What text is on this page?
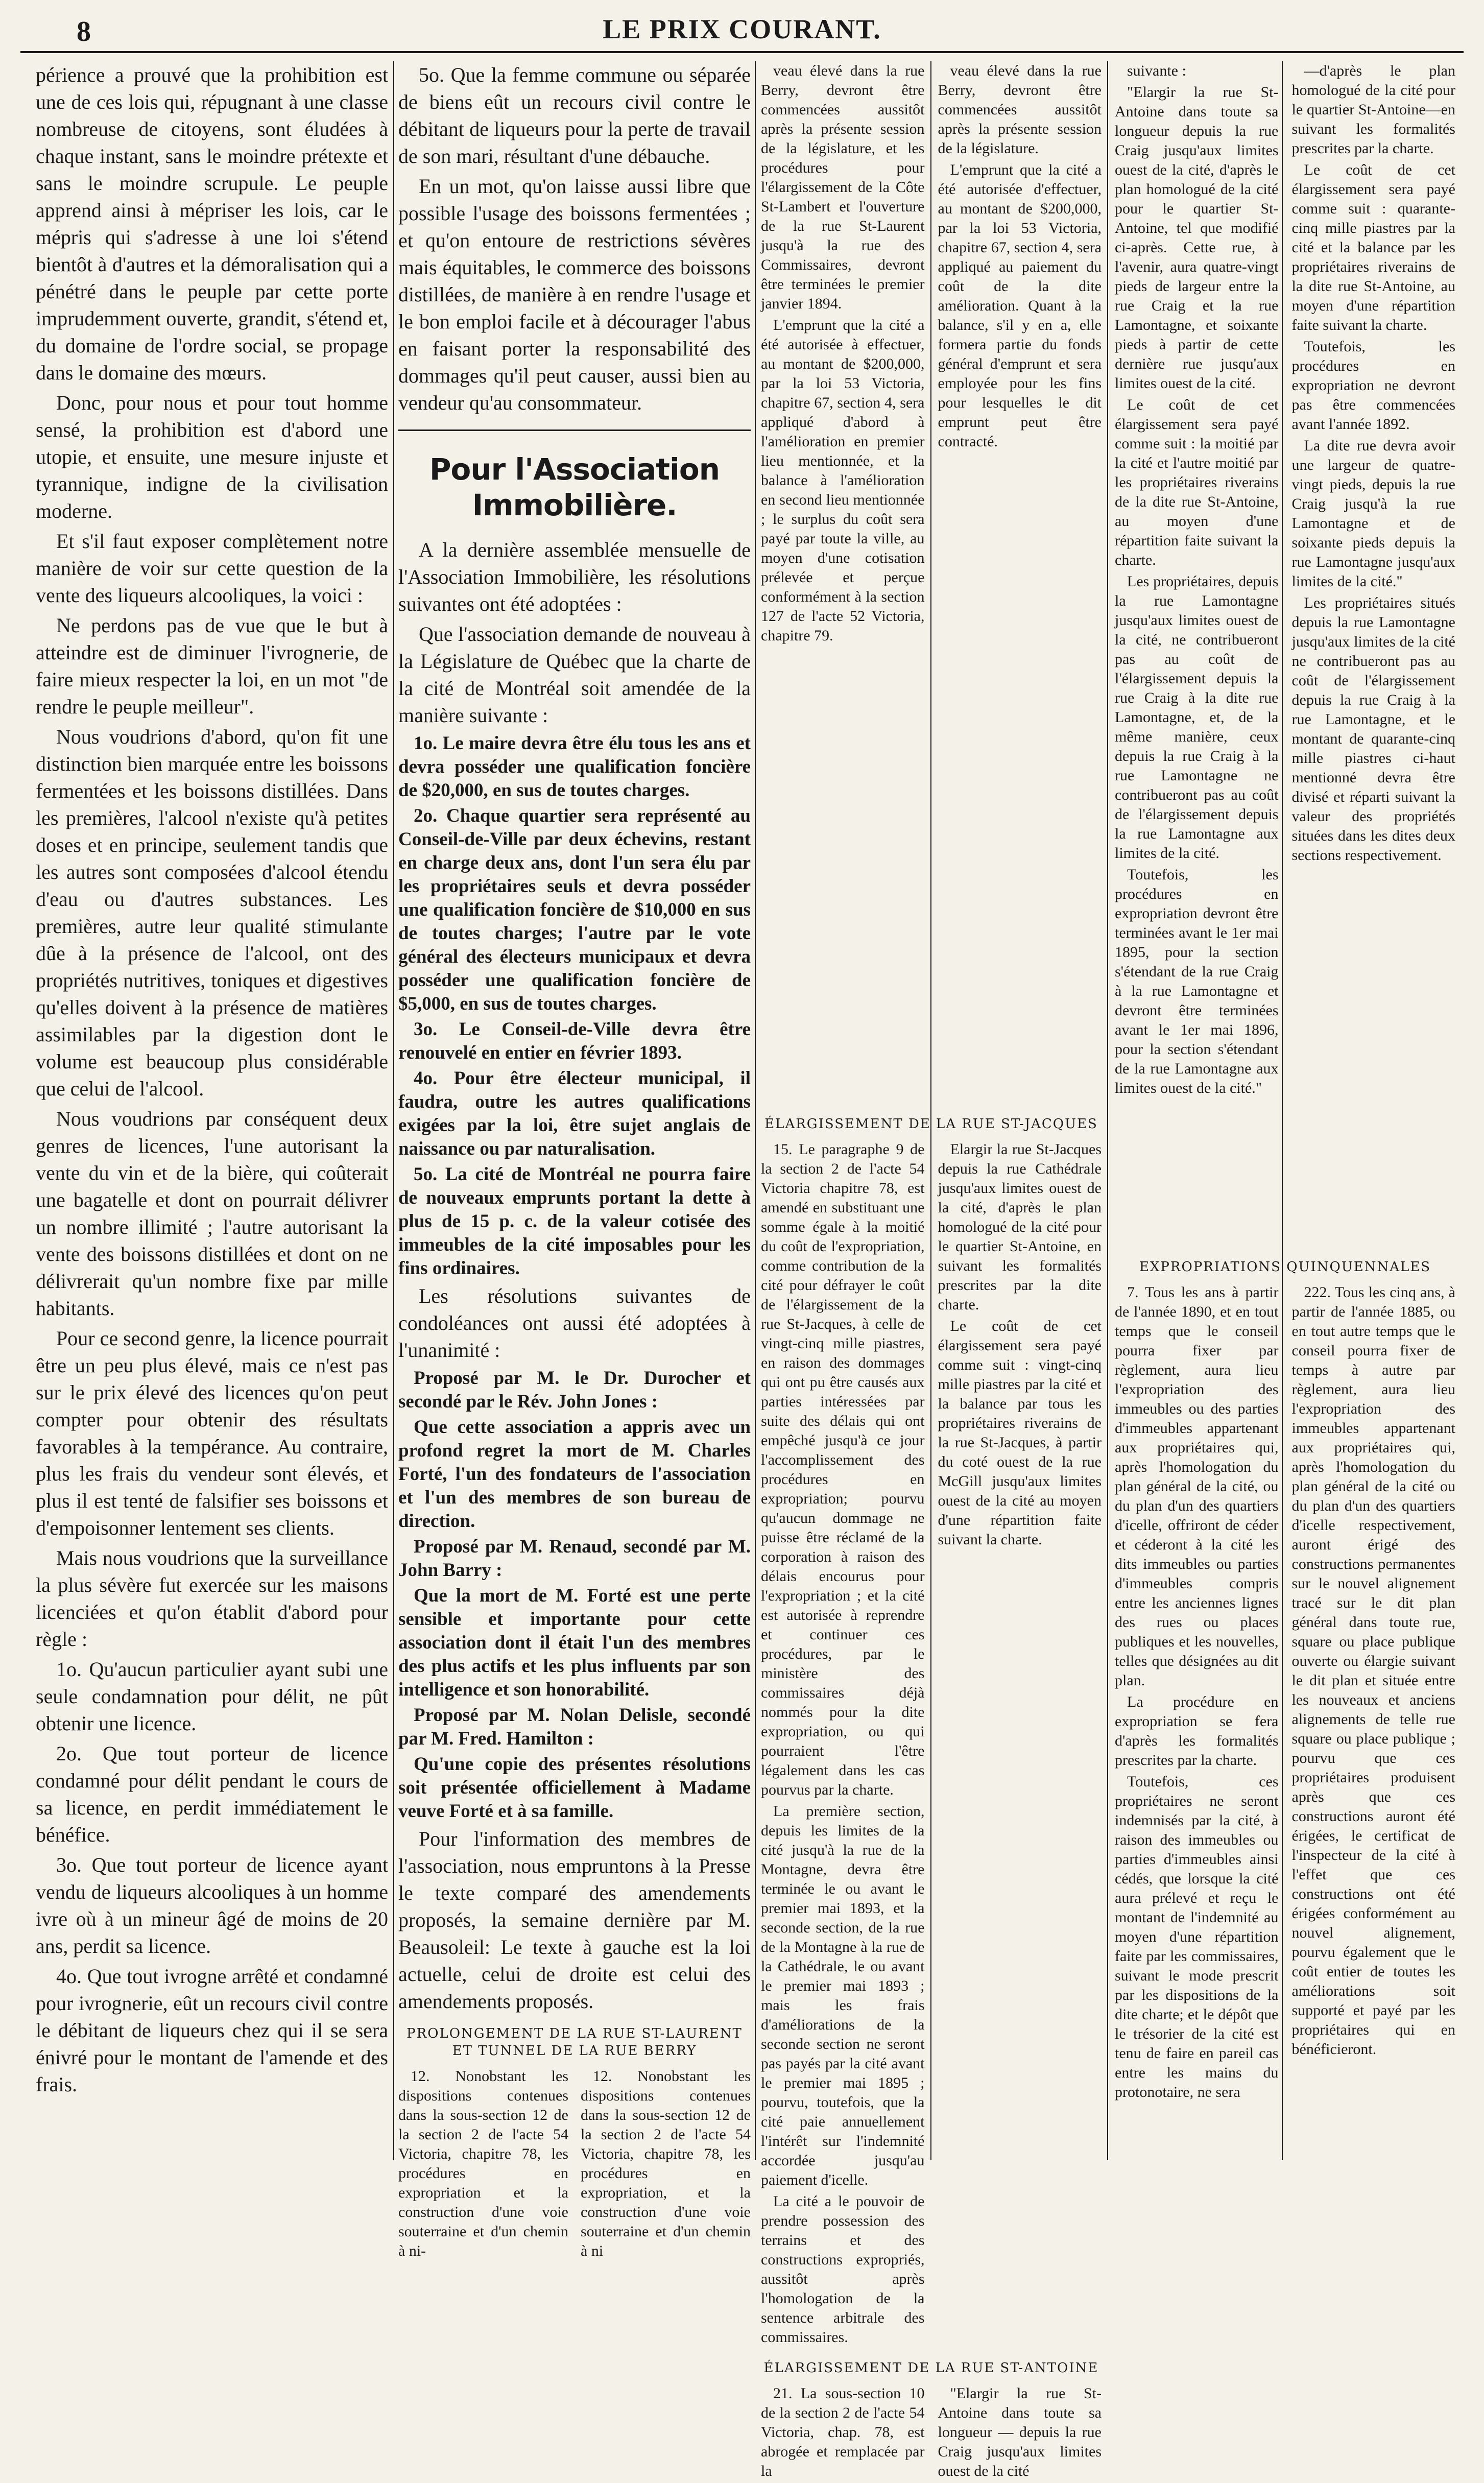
8	LE PRIX COURANT.

périence a prouvé que la prohibition est une de ces lois qui, répugnant à une classe nombreuse de citoyens, sont éludées à chaque instant, sans le moindre prétexte et sans le moindre scrupule. Le peuple apprend ainsi à mépriser les lois, car le mépris qui s'adresse à une loi s'étend bientôt à d'autres et la démoralisation qui a pénétré dans le peuple par cette porte imprudemment ouverte, grandit, s'étend et, du domaine de l'ordre social, se propage dans le domaine des mœurs.

Donc, pour nous et pour tout homme sensé, la prohibition est d'abord une utopie, et ensuite, une mesure injuste et tyrannique, indigne de la civilisation moderne.

Et s'il faut exposer complètement notre manière de voir sur cette question de la vente des liqueurs alcooliques, la voici :

Ne perdons pas de vue que le but à atteindre est de diminuer l'ivrognerie, de faire mieux respecter la loi, en un mot "de rendre le peuple meilleur".

Nous voudrions d'abord, qu'on fit une distinction bien marquée entre les boissons fermentées et les boissons distillées. Dans les premières, l'alcool n'existe qu'à petites doses et en principe, seulement tandis que les autres sont composées d'alcool étendu d'eau ou d'autres substances. Les premières, autre leur qualité stimulante dûe à la présence de l'alcool, ont des propriétés nutritives, toniques et digestives qu'elles doivent à la présence de matières assimilables par la digestion dont le volume est beaucoup plus considérable que celui de l'alcool.

Nous voudrions par conséquent deux genres de licences, l'une autorisant la vente du vin et de la bière, qui coûterait une bagatelle et dont on pourrait délivrer un nombre illimité ; l'autre autorisant la vente des boissons distillées et dont on ne délivrerait qu'un nombre fixe par mille habitants.

Pour ce second genre, la licence pourrait être un peu plus élevé, mais ce n'est pas sur le prix élevé des licences qu'on peut compter pour obtenir des résultats favorables à la tempérance. Au contraire, plus les frais du vendeur sont élevés, et plus il est tenté de falsifier ses boissons et d'empoisonner lentement ses clients.

Mais nous voudrions que la surveillance la plus sévère fut exercée sur les maisons licenciées et qu'on établit d'abord pour règle :

1o. Qu'aucun particulier ayant subi une seule condamnation pour délit, ne pût obtenir une licence.

2o. Que tout porteur de licence condamné pour délit pendant le cours de sa licence, en perdit immédiatement le bénéfice.

3o. Que tout porteur de licence ayant vendu de liqueurs alcooliques à un homme ivre où à un mineur âgé de moins de 20 ans, perdit sa licence.

4o. Que tout ivrogne arrêté et condamné pour ivrognerie, eût un recours civil contre le débitant de liqueurs chez qui il se sera énivré pour le montant de l'amende et des frais.

5o. Que la femme commune ou séparée de biens eût un recours civil contre le débitant de liqueurs pour la perte de travail de son mari, résultant d'une débauche.

En un mot, qu'on laisse aussi libre que possible l'usage des boissons fermentées ; et qu'on entoure de restrictions sévères mais équitables, le commerce des boissons distillées, de manière à en rendre l'usage et le bon emploi facile et à décourager l'abus en faisant porter la responsabilité des dommages qu'il peut causer, aussi bien au vendeur qu'au consommateur.

Pour l'Association Immobilière.

A la dernière assemblée mensuelle de l'Association Immobilière, les résolutions suivantes ont été adoptées :

Que l'association demande de nouveau à la Législature de Québec que la charte de la cité de Montréal soit amendée de la manière suivante :

1o. Le maire devra être élu tous les ans et devra posséder une qualification foncière de $20,000, en sus de toutes charges.

2o. Chaque quartier sera représenté au Conseil-de-Ville par deux échevins, restant en charge deux ans, dont l'un sera élu par les propriétaires seuls et devra posséder une qualification foncière de $10,000 en sus de toutes charges; l'autre par le vote général des électeurs municipaux et devra posséder une qualification foncière de $5,000, en sus de toutes charges.

3o. Le Conseil-de-Ville devra être renouvelé en entier en février 1893.

4o. Pour être électeur municipal, il faudra, outre les autres qualifications exigées par la loi, être sujet anglais de naissance ou par naturalisation.

5o. La cité de Montréal ne pourra faire de nouveaux emprunts portant la dette à plus de 15 p. c. de la valeur cotisée des immeubles de la cité imposables pour les fins ordinaires.

Les résolutions suivantes de condoléances ont aussi été adoptées à l'unanimité :

Proposé par M. le Dr. Durocher et secondé par le Rév. John Jones :

Que cette association a appris avec un profond regret la mort de M. Charles Forté, l'un des fondateurs de l'association et l'un des membres de son bureau de direction.

Proposé par M. Renaud, secondé par M. John Barry :

Que la mort de M. Forté est une perte sensible et importante pour cette association dont il était l'un des membres des plus actifs et les plus influents par son intelligence et son honorabilité.

Proposé par M. Nolan Delisle, secondé par M. Fred. Hamilton :

Qu'une copie des présentes résolutions soit présentée officiellement à Madame veuve Forté et à sa famille.

Pour l'information des membres de l'association, nous empruntons à la Presse le texte comparé des amendements proposés, la semaine dernière par M. Beausoleil: Le texte à gauche est la loi actuelle, celui de droite est celui des amendements proposés.

PROLONGEMENT DE LA RUE ST-LAURENT ET TUNNEL DE LA RUE BERRY

12. Nonobstant les dispositions contenues dans la sous-section 12 de la section 2 de l'acte 54 Victoria, chapitre 78, les procédures en expropriation et la construction d'une voie souterraine et d'un chemin à ni-

12. Nonobstant les dispositions contenues dans la sous-section 12 de la section 2 de l'acte 54 Victoria, chapitre 78, les procédures en expropriation, et la construction d'une voie souterraine et d'un chemin à ni

veau élevé dans la rue Berry, devront être commencées aussitôt après la présente session de la législature, et les procédures pour l'élargissement de la Côte St-Lambert et l'ouverture de la rue St-Laurent jusqu'à la rue des Commissaires, devront être terminées le premier janvier 1894.

L'emprunt que la cité a été autorisée à effectuer, au montant de $200,000, par la loi 53 Victoria, chapitre 67, section 4, sera appliqué d'abord à l'amélioration en premier lieu mentionnée, et la balance à l'amélioration en second lieu mentionnée ; le surplus du coût sera payé par toute la ville, au moyen d'une cotisation prélevée et perçue conformément à la section 127 de l'acte 52 Victoria, chapitre 79.

veau élevé dans la rue Berry, devront être commencées aussitôt après la présente session de la législature.

L'emprunt que la cité a été autorisée d'effectuer, au montant de $200,000, par la loi 53 Victoria, chapitre 67, section 4, sera appliqué au paiement du coût de la dite amélioration. Quant à la balance, s'il y en a, elle formera partie du fonds général d'emprunt et sera employée pour les fins pour lesquelles le dit emprunt peut être contracté.

suivante :

"Elargir la rue St-Antoine dans toute sa longueur depuis la rue Craig jusqu'aux limites ouest de la cité, d'après le plan homologué de la cité pour le quartier St-Antoine, tel que modifié ci-après. Cette rue, à l'avenir, aura quatre-vingt pieds de largeur entre la rue Craig et la rue Lamontagne, et soixante pieds à partir de cette dernière rue jusqu'aux limites ouest de la cité.

Le coût de cet élargissement sera payé comme suit : la moitié par la cité et l'autre moitié par les propriétaires riverains de la dite rue St-Antoine, au moyen d'une répartition faite suivant la charte.

Les propriétaires, depuis la rue Lamontagne jusqu'aux limites ouest de la cité, ne contribueront pas au coût de l'élargissement depuis la rue Craig à la dite rue Lamontagne, et, de la même manière, ceux depuis la rue Craig à la rue Lamontagne ne contribueront pas au coût de l'élargissement depuis la rue Lamontagne aux limites de la cité.

Toutefois, les procédures en expropriation devront être terminées avant le 1er mai 1895, pour la section s'étendant de la rue Craig à la rue Lamontagne et devront être terminées avant le 1er mai 1896, pour la section s'étendant de la rue Lamontagne aux limites ouest de la cité."

—d'après le plan homologué de la cité pour le quartier St-Antoine—en suivant les formalités prescrites par la charte.

Le coût de cet élargissement sera payé comme suit : quarante-cinq mille piastres par la cité et la balance par les propriétaires riverains de la dite rue St-Antoine, au moyen d'une répartition faite suivant la charte.

Toutefois, les procédures en expropriation ne devront pas être commencées avant l'année 1892.

La dite rue devra avoir une largeur de quatre-vingt pieds, depuis la rue Craig jusqu'à la rue Lamontagne et de soixante pieds depuis la rue Lamontagne jusqu'aux limites de la cité."

Les propriétaires situés depuis la rue Lamontagne jusqu'aux limites de la cité ne contribueront pas au coût de l'élargissement depuis la rue Craig à la rue Lamontagne, et le montant de quarante-cinq mille piastres ci-haut mentionné devra être divisé et réparti suivant la valeur des propriétés situées dans les dites deux sections respectivement.

ÉLARGISSEMENT DE LA RUE ST-JACQUES

15. Le paragraphe 9 de la section 2 de l'acte 54 Victoria chapitre 78, est amendé en substituant une somme égale à la moitié du coût de l'expropriation, comme contribution de la cité pour défrayer le coût de l'élargissement de la rue St-Jacques, à celle de vingt-cinq mille piastres, en raison des dommages qui ont pu être causés aux parties intéressées par suite des délais qui ont empêché jusqu'à ce jour l'accomplissement des procédures en expropriation; pourvu qu'aucun dommage ne puisse être réclamé de la corporation à raison des délais encourus pour l'expropriation ; et la cité est autorisée à reprendre et continuer ces procédures, par le ministère des commissaires déjà nommés pour la dite expropriation, ou qui pourraient l'être légalement dans les cas pourvus par la charte.

La première section, depuis les limites de la cité jusqu'à la rue de la Montagne, devra être terminée le ou avant le premier mai 1893, et la seconde section, de la rue de la Montagne à la rue de la Cathédrale, le ou avant le premier mai 1893 ; mais les frais d'améliorations de la seconde section ne seront pas payés par la cité avant le premier mai 1895 ; pourvu, toutefois, que la cité paie annuellement l'intérêt sur l'indemnité accordée jusqu'au paiement d'icelle.

La cité a le pouvoir de prendre possession des terrains et des constructions expropriés, aussitôt après l'homologation de la sentence arbitrale des commissaires.

Elargir la rue St-Jacques depuis la rue Cathédrale jusqu'aux limites ouest de la cité, d'après le plan homologué de la cité pour le quartier St-Antoine, en suivant les formalités prescrites par la dite charte.

Le coût de cet élargissement sera payé comme suit : vingt-cinq mille piastres par la cité et la balance par tous les propriétaires riverains de la rue St-Jacques, à partir du coté ouest de la rue McGill jusqu'aux limites ouest de la cité au moyen d'une répartition faite suivant la charte.

ÉLARGISSEMENT DE LA RUE ST-ANTOINE

21. La sous-section 10 de la section 2 de l'acte 54 Victoria, chap. 78, est abrogée et remplacée par la

"Elargir la rue St-Antoine dans toute sa longueur — depuis la rue Craig jusqu'aux limites ouest de la cité

EXPROPRIATIONS QUINQUENNALES

7. Tous les ans à partir de l'année 1890, et en tout temps que le conseil pourra fixer par règlement, aura lieu l'expropriation des immeubles ou des parties d'immeubles appartenant aux propriétaires qui, après l'homologation du plan général de la cité, ou du plan d'un des quartiers d'icelle, offriront de céder et céderont à la cité les dits immeubles ou parties d'immeubles compris entre les anciennes lignes des rues ou places publiques et les nouvelles, telles que désignées au dit plan.

La procédure en expropriation se fera d'après les formalités prescrites par la charte.

Toutefois, ces propriétaires ne seront indemnisés par la cité, à raison des immeubles ou parties d'immeubles ainsi cédés, que lorsque la cité aura prélevé et reçu le montant de l'indemnité au moyen d'une répartition faite par les commissaires, suivant le mode prescrit par les dispositions de la dite charte; et le dépôt que le trésorier de la cité est tenu de faire en pareil cas entre les mains du protonotaire, ne sera

222. Tous les cinq ans, à partir de l'année 1885, ou en tout autre temps que le conseil pourra fixer de temps à autre par règlement, aura lieu l'expropriation des immeubles appartenant aux propriétaires qui, après l'homologation du plan général de la cité ou du plan d'un des quartiers d'icelle respectivement, auront érigé des constructions permanentes sur le nouvel alignement tracé sur le dit plan général dans toute rue, square ou place publique ouverte ou élargie suivant le dit plan et située entre les nouveaux et anciens alignements de telle rue square ou place publique ; pourvu que ces propriétaires produisent après que ces constructions auront été érigées, le certificat de l'inspecteur de la cité à l'effet que ces constructions ont été érigées conformément au nouvel alignement, pourvu également que le coût entier de toutes les améliorations soit supporté et payé par les propriétaires qui en bénéficieront.
